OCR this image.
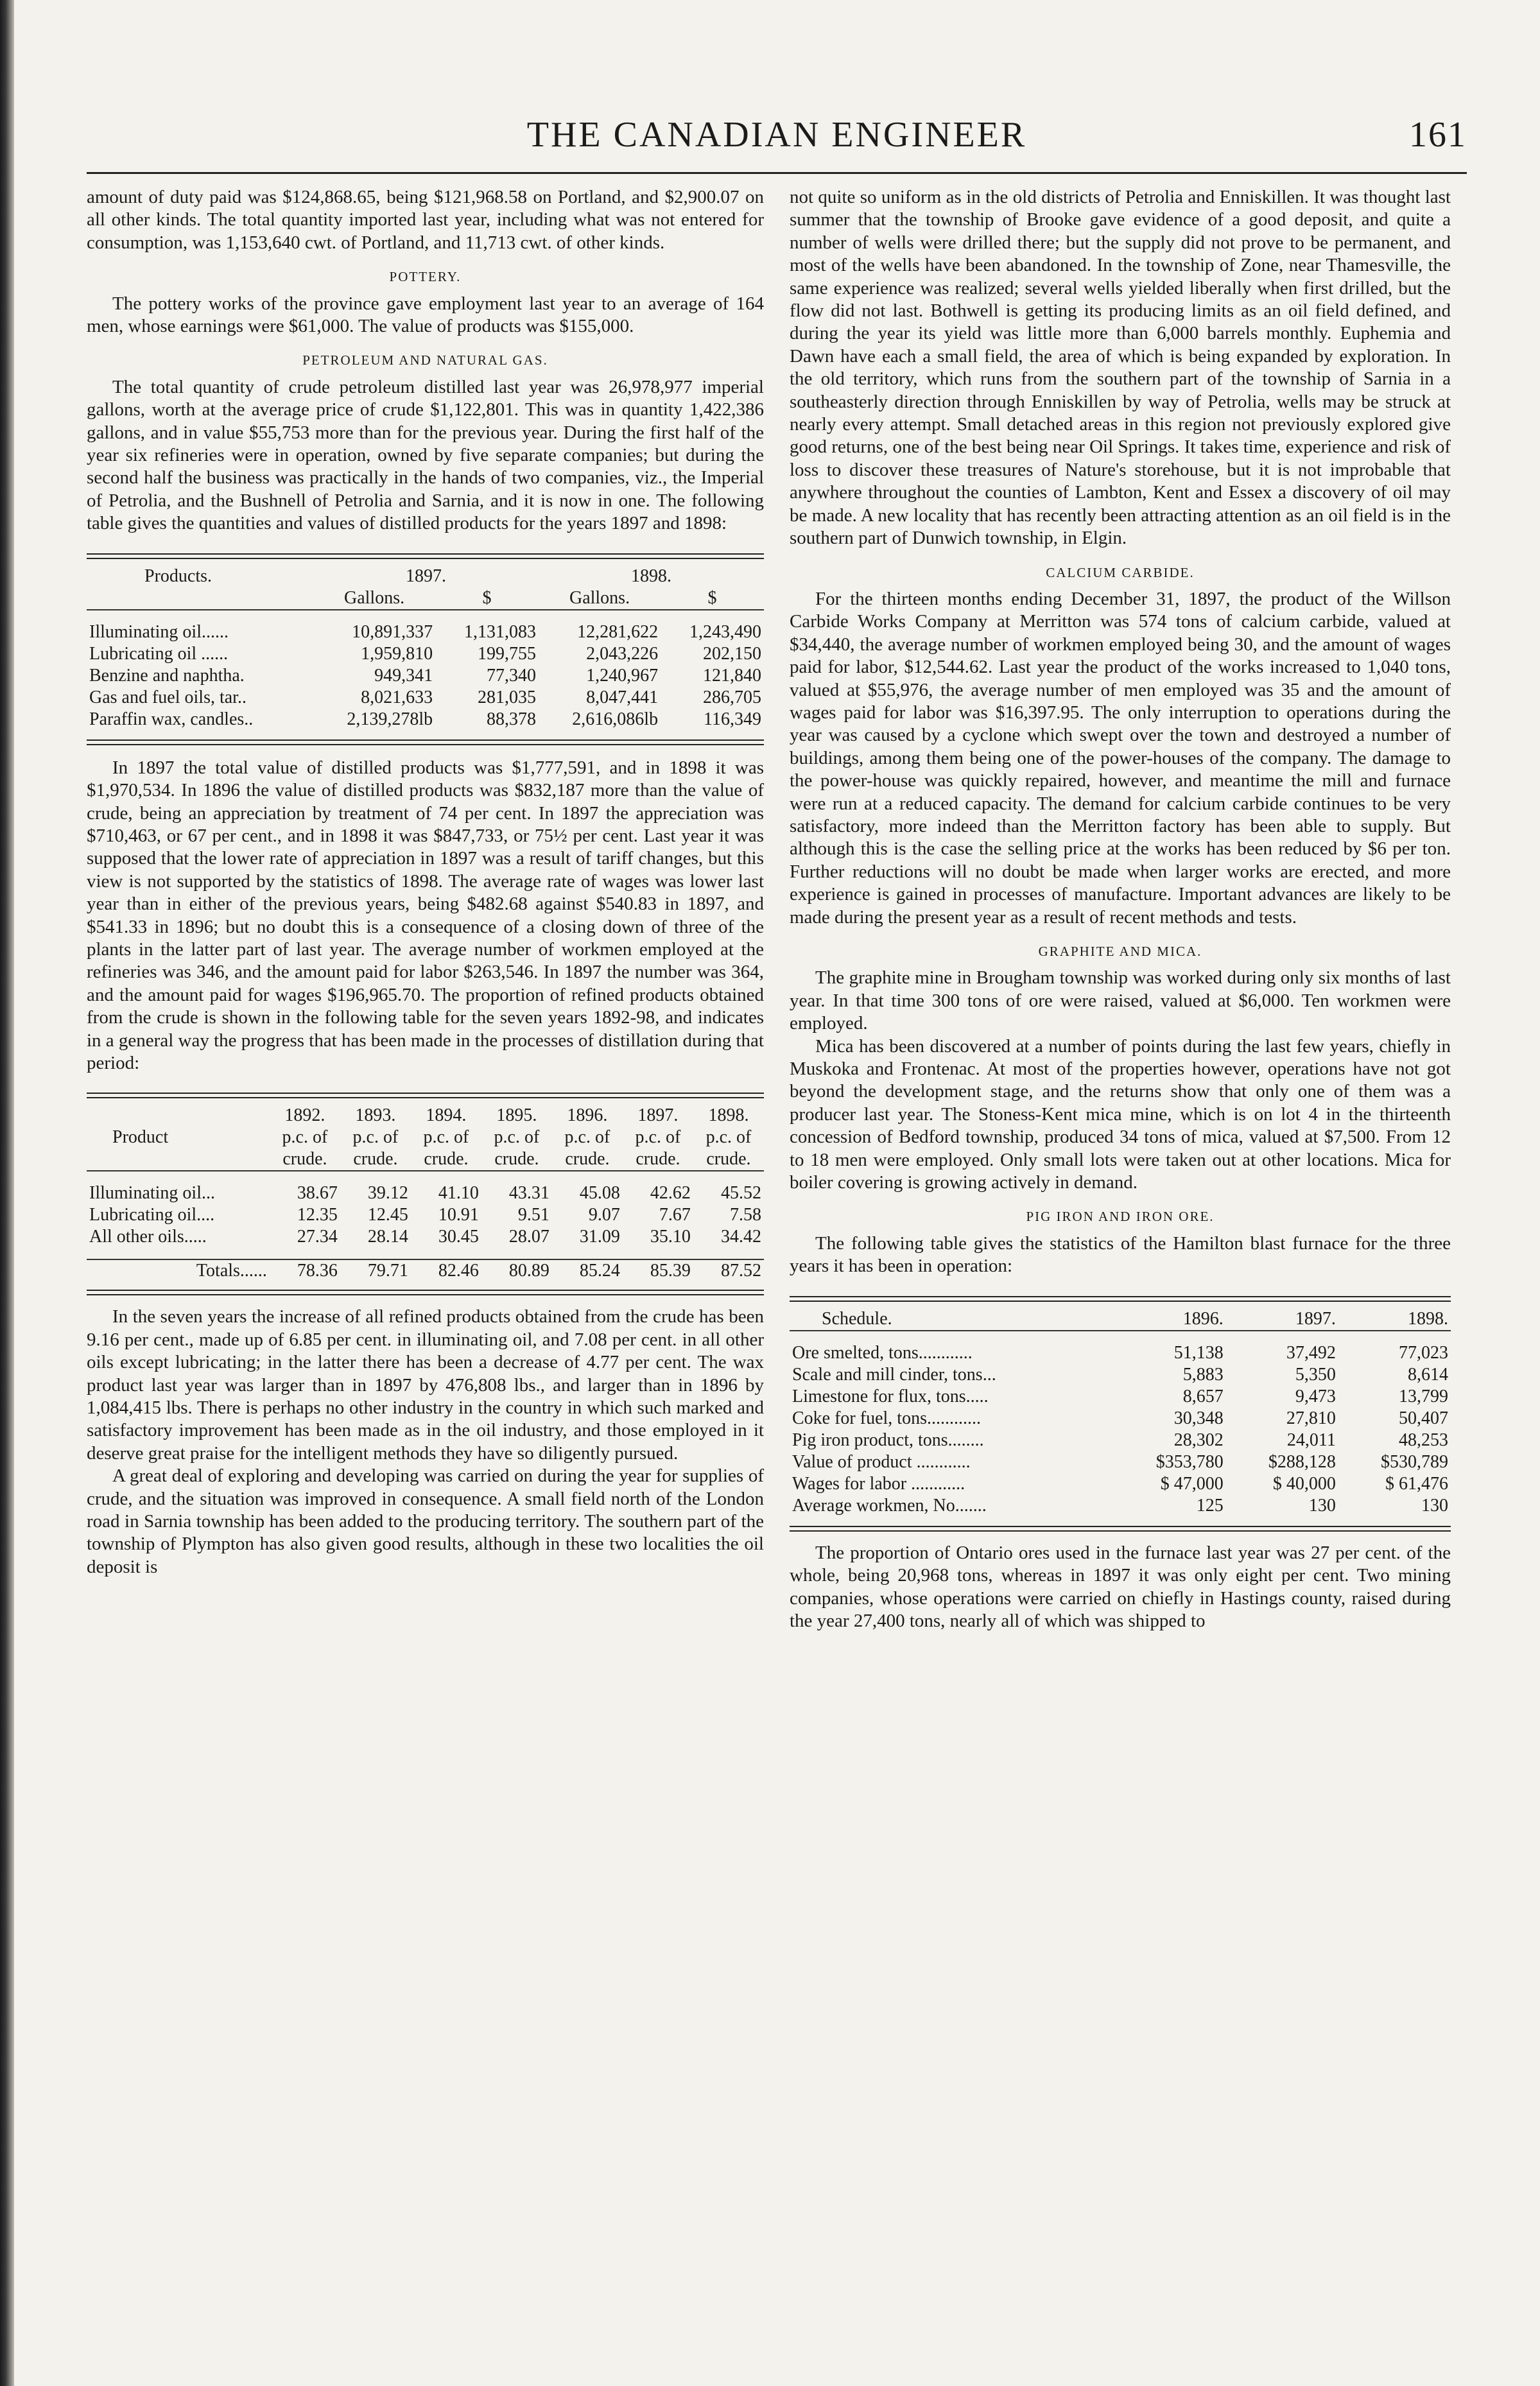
THE CANADIAN ENGINEER	161

amount of duty paid was $124,868.65, being $121,968.58 on Portland, and $2,900.07 on all other kinds. The total quantity imported last year, including what was not entered for consumption, was 1,153,640 cwt. of Portland, and 11,713 cwt. of other kinds.

POTTERY.

The pottery works of the province gave employment last year to an average of 164 men, whose earnings were $61,000. The value of products was $155,000.

PETROLEUM AND NATURAL GAS.

The total quantity of crude petroleum distilled last year was 26,978,977 imperial gallons, worth at the average price of crude $1,122,801. This was in quantity 1,422,386 gallons, and in value $55,753 more than for the previous year. During the first half of the year six refineries were in operation, owned by five separate companies; but during the second half the business was practically in the hands of two companies, viz., the Imperial of Petrolia, and the Bushnell of Petrolia and Sarnia, and it is now in one. The following table gives the quantities and values of distilled products for the years 1897 and 1898:

Products.	1897.		1898.	
	Gallons.	$	Gallons.	$

Illuminating oil......	10,891,337	1,131,083	12,281,622	1,243,490
Lubricating oil ......	1,959,810	199,755	2,043,226	202,150
Benzine and naphtha.	949,341	77,340	1,240,967	121,840
Gas and fuel oils, tar..	8,021,633	281,035	8,047,441	286,705
Paraffin wax, candles..	2,139,278lb	88,378	2,616,086lb	116,349

In 1897 the total value of distilled products was $1,777,591, and in 1898 it was $1,970,534. In 1896 the value of distilled products was $832,187 more than the value of crude, being an appreciation by treatment of 74 per cent. In 1897 the appreciation was $710,463, or 67 per cent., and in 1898 it was $847,733, or 75½ per cent. Last year it was supposed that the lower rate of appreciation in 1897 was a result of tariff changes, but this view is not supported by the statistics of 1898. The average rate of wages was lower last year than in either of the previous years, being $482.68 against $540.83 in 1897, and $541.33 in 1896; but no doubt this is a consequence of a closing down of three of the plants in the latter part of last year. The average number of workmen employed at the refineries was 346, and the amount paid for labor $263,546. In 1897 the number was 364, and the amount paid for wages $196,965.70. The proportion of refined products obtained from the crude is shown in the following table for the seven years 1892-98, and indicates in a general way the progress that has been made in the processes of distillation during that period:

	1892.	1893.	1894.	1895.	1896.	1897.	1898.
Product	p.c. of	p.c. of	p.c. of	p.c. of	p.c. of	p.c. of	p.c. of
	crude.	crude.	crude.	crude.	crude.	crude.	crude.

Illuminating oil...	38.67	39.12	41.10	43.31	45.08	42.62	45.52
Lubricating oil....	12.35	12.45	10.91	9.51	9.07	7.67	7.58
All other oils.....	27.34	28.14	30.45	28.07	31.09	35.10	34.42

Totals......	78.36	79.71	82.46	80.89	85.24	85.39	87.52

In the seven years the increase of all refined products obtained from the crude has been 9.16 per cent., made up of 6.85 per cent. in illuminating oil, and 7.08 per cent. in all other oils except lubricating; in the latter there has been a decrease of 4.77 per cent. The wax product last year was larger than in 1897 by 476,808 lbs., and larger than in 1896 by 1,084,415 lbs. There is perhaps no other industry in the country in which such marked and satisfactory improvement has been made as in the oil industry, and those employed in it deserve great praise for the intelligent methods they have so diligently pursued.

A great deal of exploring and developing was carried on during the year for supplies of crude, and the situation was improved in consequence. A small field north of the London road in Sarnia township has been added to the producing territory. The southern part of the township of Plympton has also given good results, although in these two localities the oil deposit is

not quite so uniform as in the old districts of Petrolia and Enniskillen. It was thought last summer that the township of Brooke gave evidence of a good deposit, and quite a number of wells were drilled there; but the supply did not prove to be permanent, and most of the wells have been abandoned. In the township of Zone, near Thamesville, the same experience was realized; several wells yielded liberally when first drilled, but the flow did not last. Bothwell is getting its producing limits as an oil field defined, and during the year its yield was little more than 6,000 barrels monthly. Euphemia and Dawn have each a small field, the area of which is being expanded by exploration. In the old territory, which runs from the southern part of the township of Sarnia in a southeasterly direction through Enniskillen by way of Petrolia, wells may be struck at nearly every attempt. Small detached areas in this region not previously explored give good returns, one of the best being near Oil Springs. It takes time, experience and risk of loss to discover these treasures of Nature's storehouse, but it is not improbable that anywhere throughout the counties of Lambton, Kent and Essex a discovery of oil may be made. A new locality that has recently been attracting attention as an oil field is in the southern part of Dunwich township, in Elgin.

CALCIUM CARBIDE.

For the thirteen months ending December 31, 1897, the product of the Willson Carbide Works Company at Merritton was 574 tons of calcium carbide, valued at $34,440, the average number of workmen employed being 30, and the amount of wages paid for labor, $12,544.62. Last year the product of the works increased to 1,040 tons, valued at $55,976, the average number of men employed was 35 and the amount of wages paid for labor was $16,397.95. The only interruption to operations during the year was caused by a cyclone which swept over the town and destroyed a number of buildings, among them being one of the power-houses of the company. The damage to the power-house was quickly repaired, however, and meantime the mill and furnace were run at a reduced capacity. The demand for calcium carbide continues to be very satisfactory, more indeed than the Merritton factory has been able to supply. But although this is the case the selling price at the works has been reduced by $6 per ton. Further reductions will no doubt be made when larger works are erected, and more experience is gained in processes of manufacture. Important advances are likely to be made during the present year as a result of recent methods and tests.

GRAPHITE AND MICA.

The graphite mine in Brougham township was worked during only six months of last year. In that time 300 tons of ore were raised, valued at $6,000. Ten workmen were employed.

Mica has been discovered at a number of points during the last few years, chiefly in Muskoka and Frontenac. At most of the properties however, operations have not got beyond the development stage, and the returns show that only one of them was a producer last year. The Stoness-Kent mica mine, which is on lot 4 in the thirteenth concession of Bedford township, produced 34 tons of mica, valued at $7,500. From 12 to 18 men were employed. Only small lots were taken out at other locations. Mica for boiler covering is growing actively in demand.

PIG IRON AND IRON ORE.

The following table gives the statistics of the Hamilton blast furnace for the three years it has been in operation:

Schedule.	1896.	1897.	1898.

Ore smelted, tons............	51,138	37,492	77,023
Scale and mill cinder, tons...	5,883	5,350	8,614
Limestone for flux, tons.....	8,657	9,473	13,799
Coke for fuel, tons............	30,348	27,810	50,407
Pig iron product, tons........	28,302	24,011	48,253
Value of product ............	$353,780	$288,128	$530,789
Wages for labor ............	$ 47,000	$ 40,000	$ 61,476
Average workmen, No.......	125	130	130

The proportion of Ontario ores used in the furnace last year was 27 per cent. of the whole, being 20,968 tons, whereas in 1897 it was only eight per cent. Two mining companies, whose operations were carried on chiefly in Hastings county, raised during the year 27,400 tons, nearly all of which was shipped to
